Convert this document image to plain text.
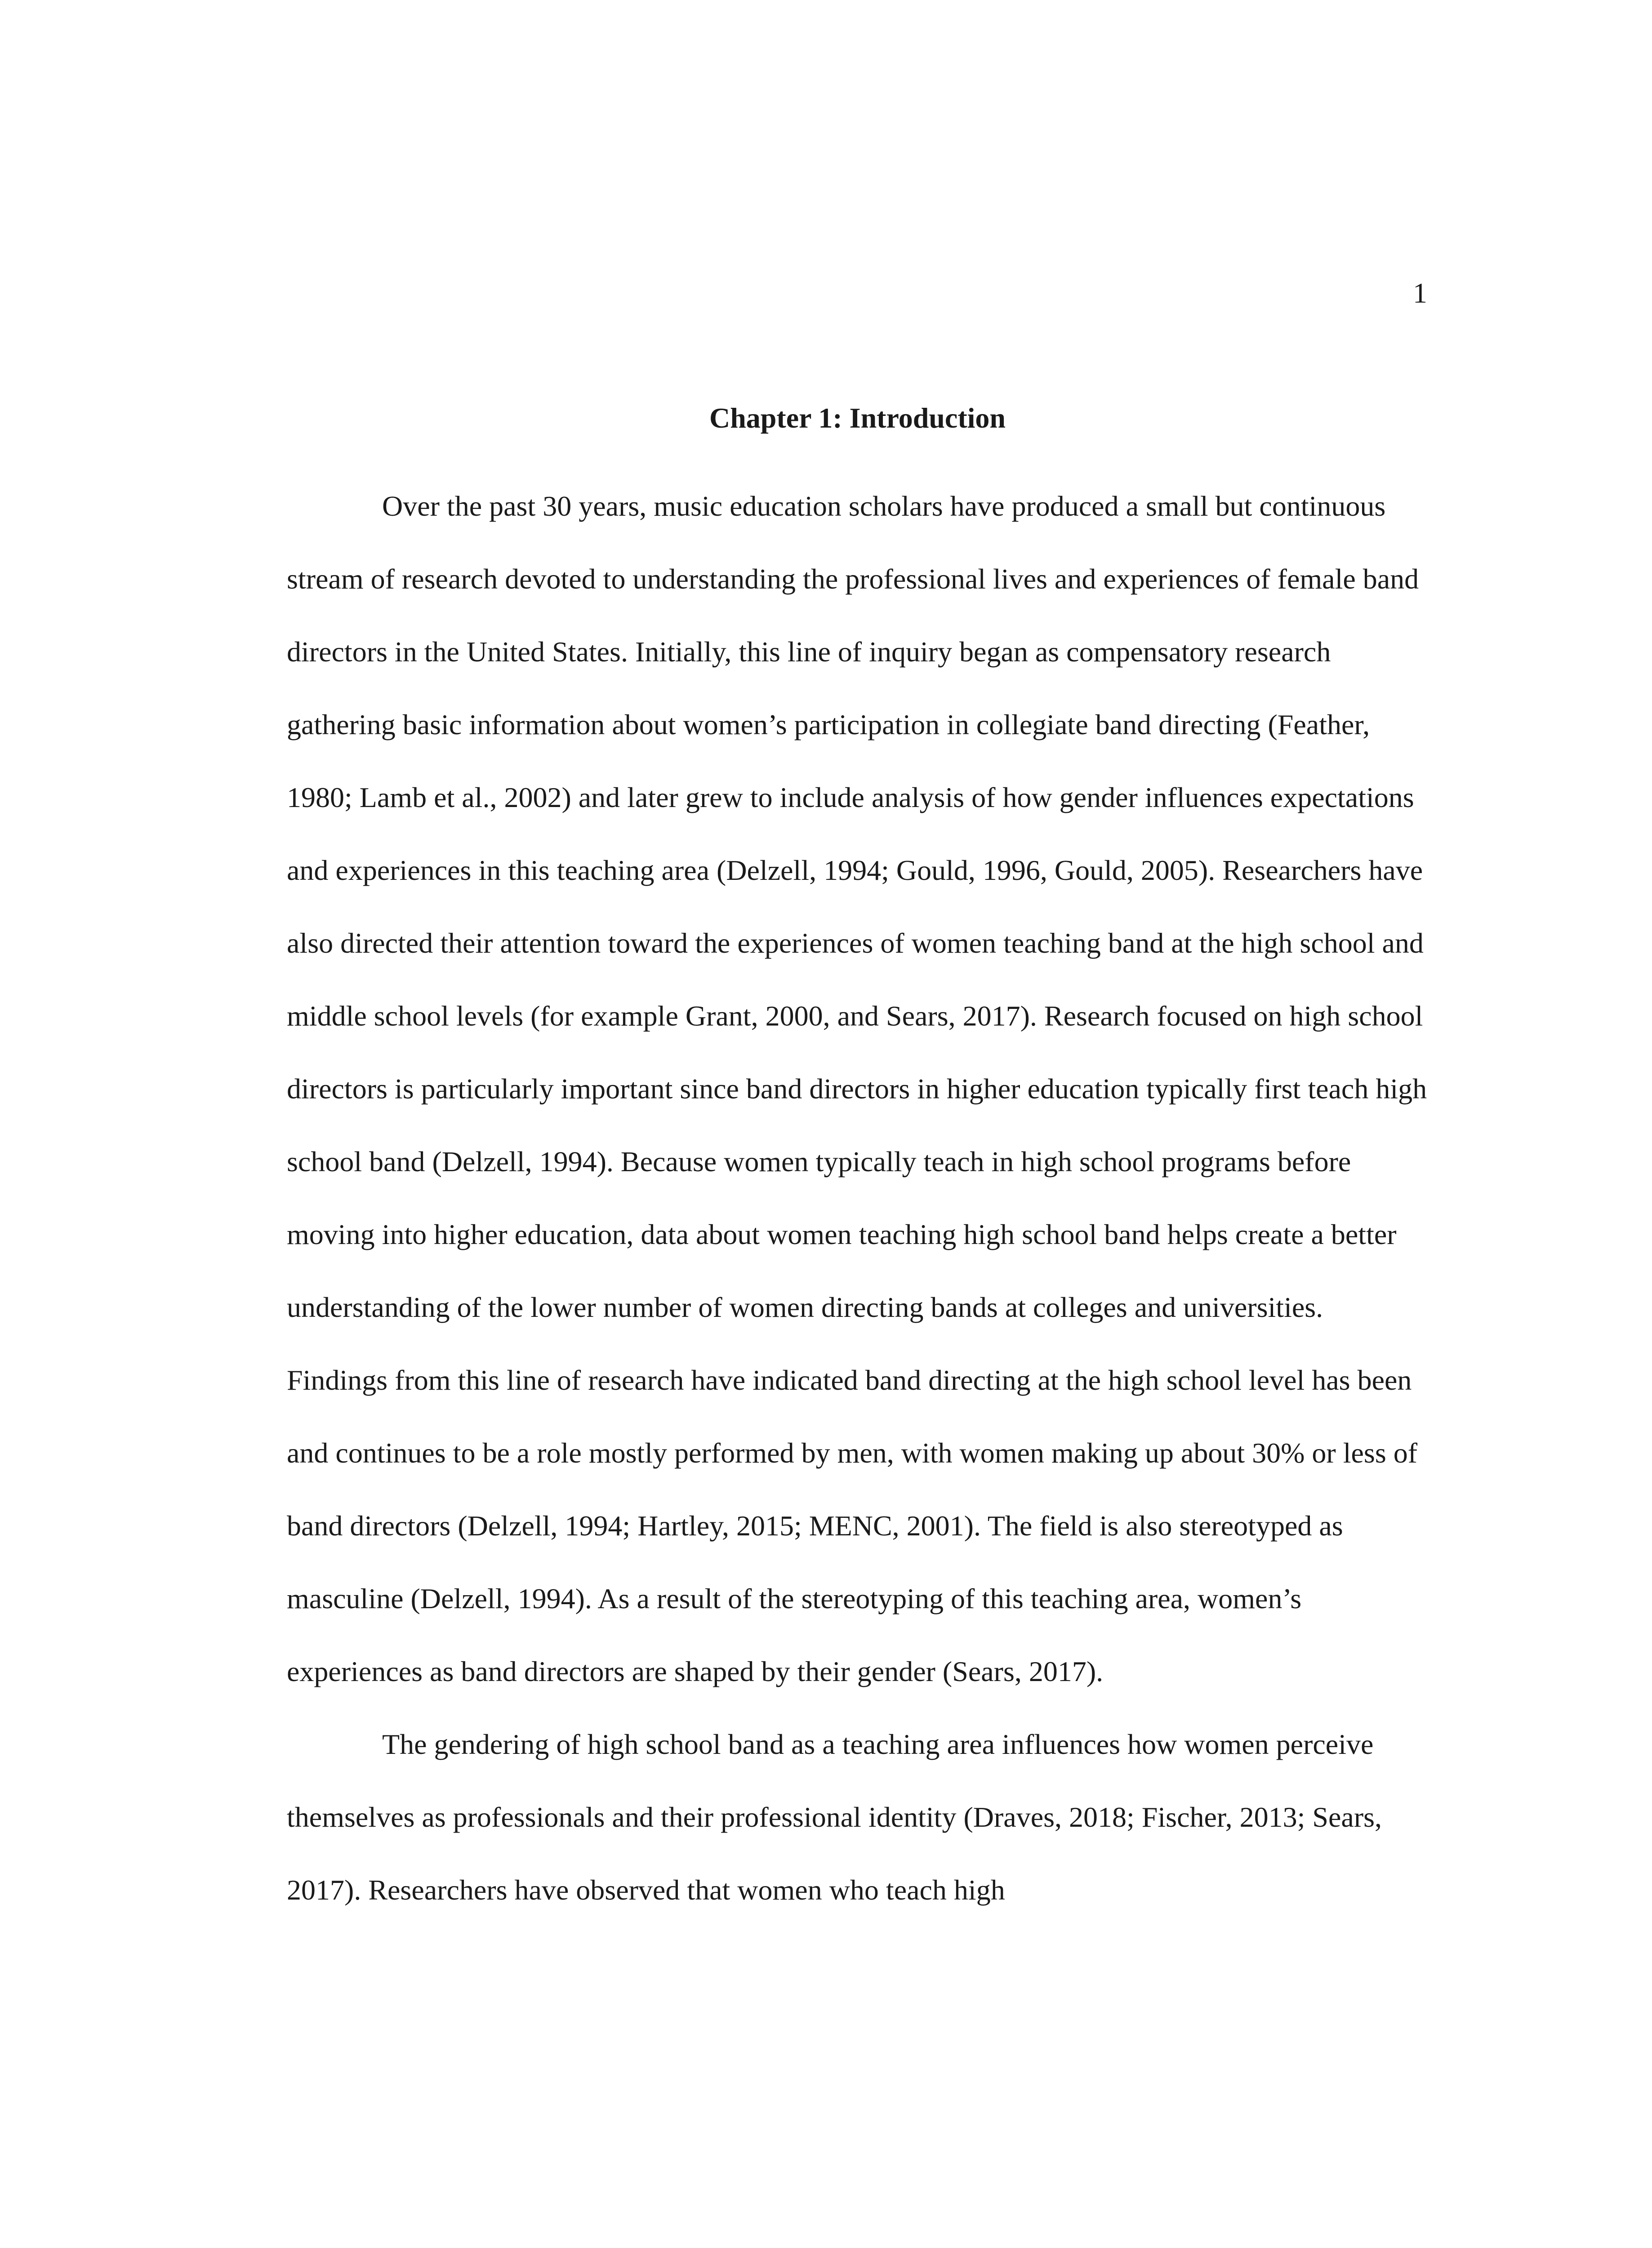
1
Chapter 1: Introduction

Over the past 30 years, music education scholars have produced a small but continuous stream of research devoted to understanding the professional lives and experiences of female band directors in the United States. Initially, this line of inquiry began as compensatory research gathering basic information about women’s participation in collegiate band directing (Feather, 1980; Lamb et al., 2002) and later grew to include analysis of how gender influences expectations and experiences in this teaching area (Delzell, 1994; Gould, 1996, Gould, 2005). Researchers have also directed their attention toward the experiences of women teaching band at the high school and middle school levels (for example Grant, 2000, and Sears, 2017). Research focused on high school directors is particularly important since band directors in higher education typically first teach high school band (Delzell, 1994). Because women typically teach in high school programs before moving into higher education, data about women teaching high school band helps create a better understanding of the lower number of women directing bands at colleges and universities. Findings from this line of research have indicated band directing at the high school level has been and continues to be a role mostly performed by men, with women making up about 30% or less of band directors (Delzell, 1994; Hartley, 2015; MENC, 2001). The field is also stereotyped as masculine (Delzell, 1994). As a result of the stereotyping of this teaching area, women’s experiences as band directors are shaped by their gender (Sears, 2017).

The gendering of high school band as a teaching area influences how women perceive themselves as professionals and their professional identity (Draves, 2018; Fischer, 2013; Sears, 2017). Researchers have observed that women who teach high
